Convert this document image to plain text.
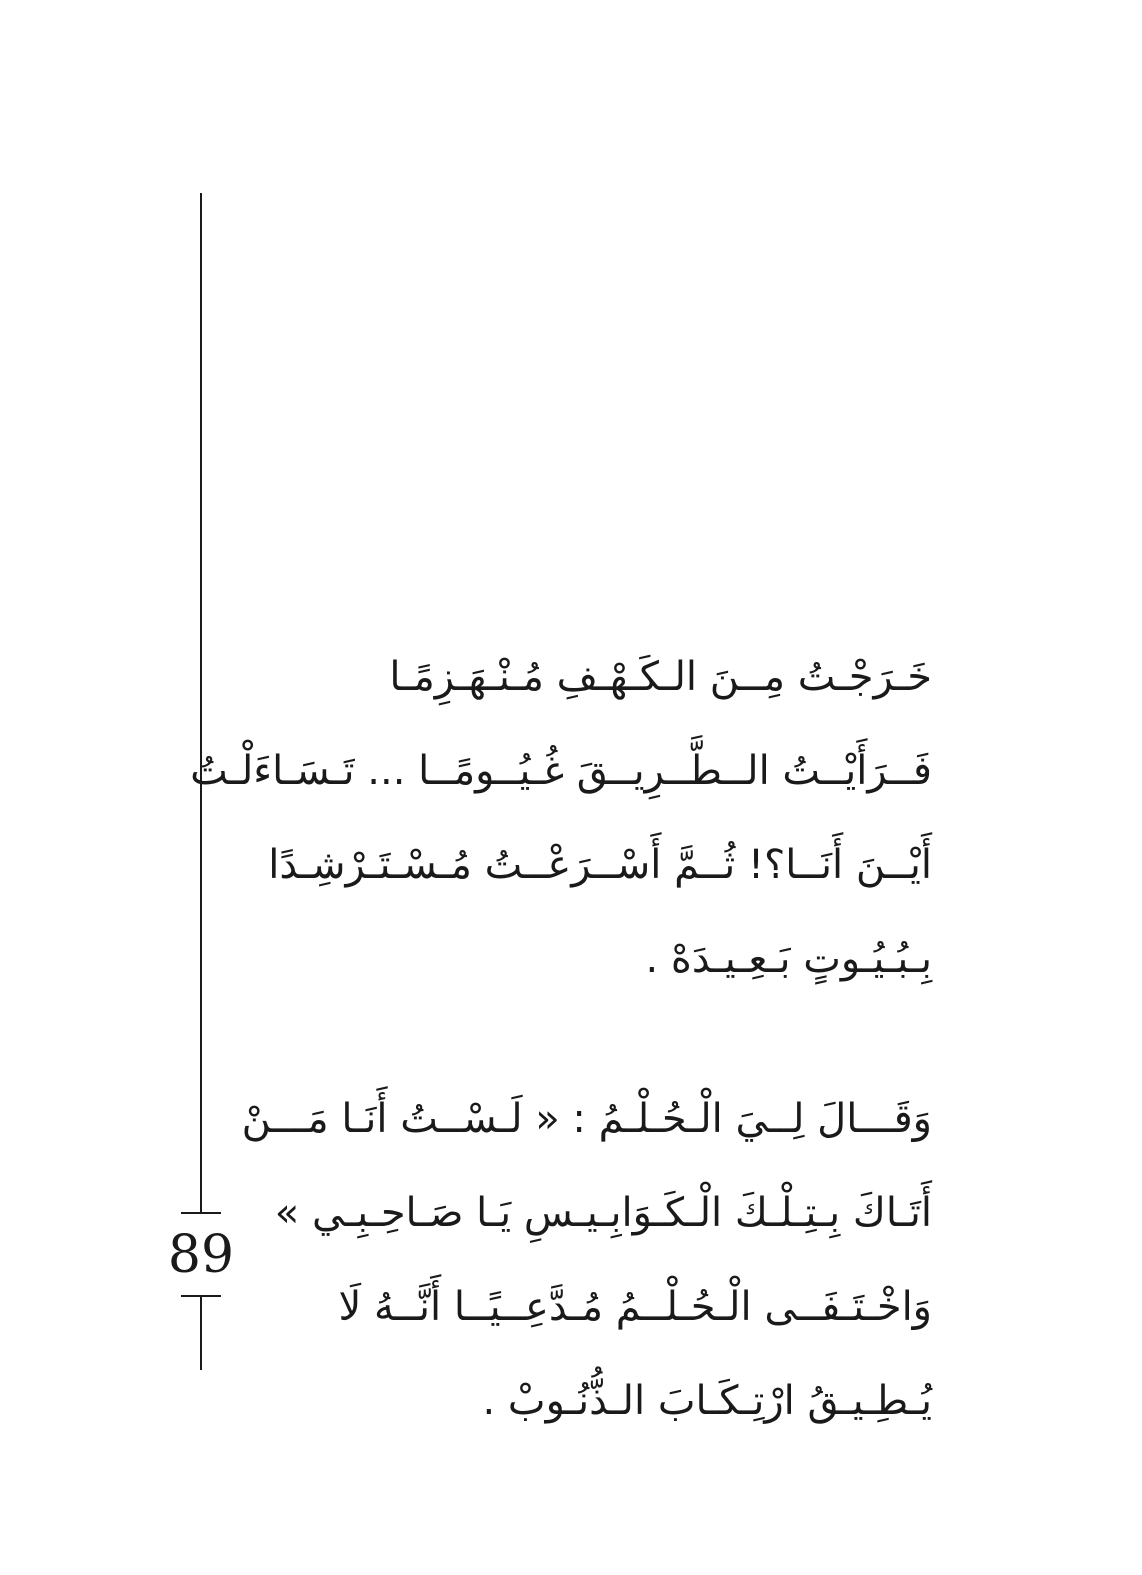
89
خَـرَجْـتُ مِــنَ الـكَـهْـفِ مُـنْـهَـزِمًـا
فَــرَأَيْــتُ الــطَّــرِيــقَ غُـيُــومًــا ... تَـسَـاءَلْـتُ
أَيْــنَ أَنَــا؟! ثُــمَّ أَسْــرَعْــتُ مُـسْـتَـرْشِـدًا
بِـبُـيُـوتٍ بَـعِـيـدَهْ .
وَقَـــالَ لِــيَ الْـحُـلْـمُ : « لَـسْــتُ أَنَـا مَـــنْ
أَتَـاكَ بِـتِـلْـكَ الْـكَـوَابِـيـسِ يَـا صَـاحِـبِـي »
وَاخْـتَـفَــى الْـحُـلْــمُ مُـدَّعِــيًــا أَنَّــهُ لَا
يُـطِـيـقُ ارْتِـكَـابَ الـذُّنُـوبْ .
